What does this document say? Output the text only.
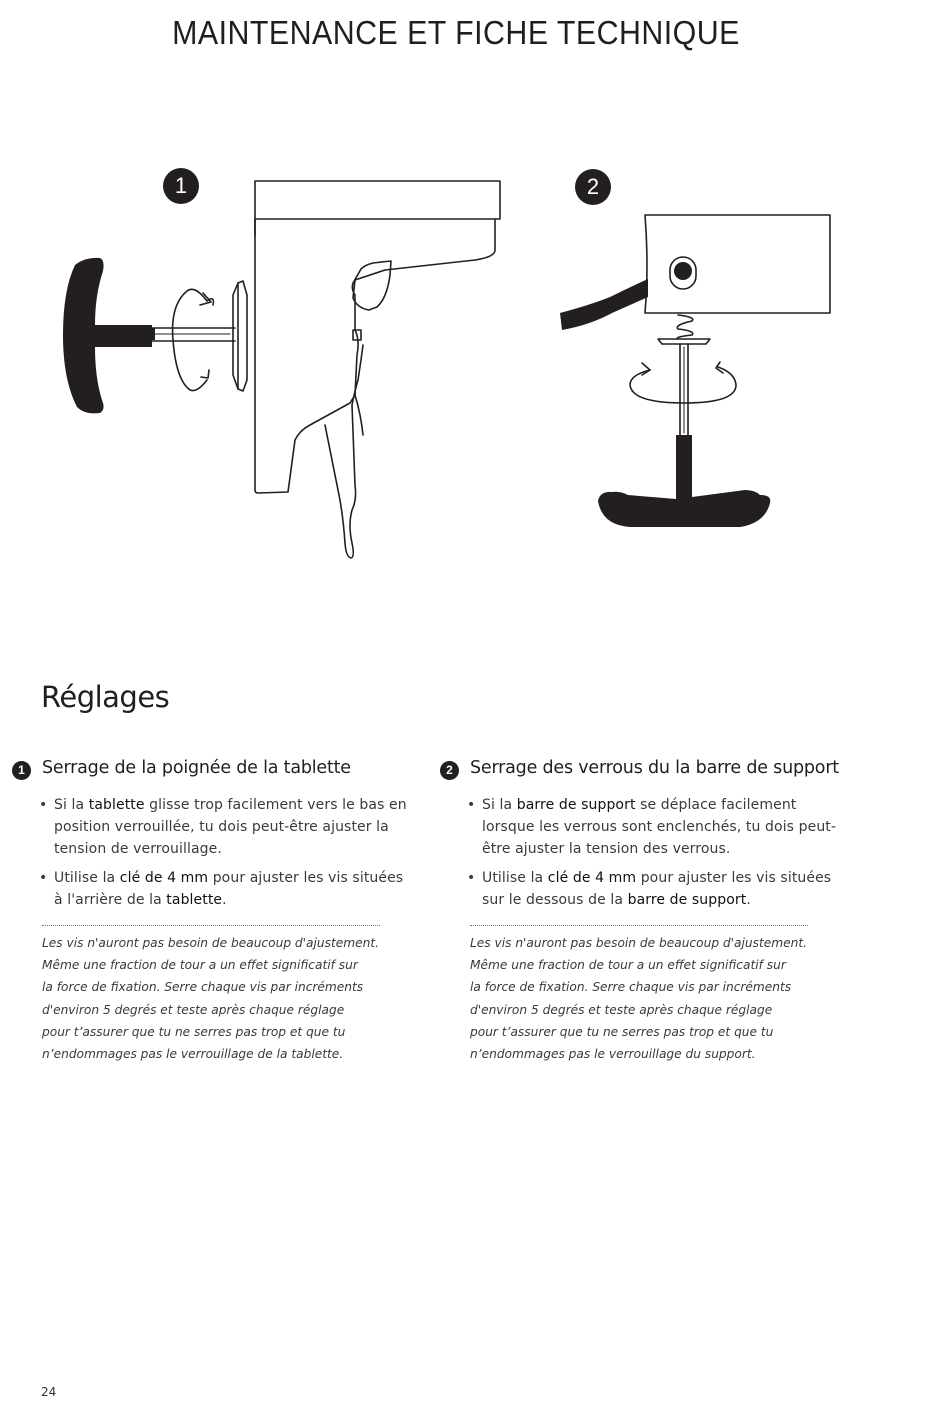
MAINTENANCE ET FICHE TECHNIQUE
1	2
Réglages
1 Serrage de la poignée de la tablette
• Si la tablette glisse trop facilement vers le bas en position verrouillée, tu dois peut-être ajuster la tension de verrouillage.
• Utilise la clé de 4 mm pour ajuster les vis situées à l'arrière de la tablette.
Les vis n'auront pas besoin de beaucoup d'ajustement.
Même une fraction de tour a un effet significatif sur
la force de fixation. Serre chaque vis par incréments
d'environ 5 degrés et teste après chaque réglage
pour t’assurer que tu ne serres pas trop et que tu
n’endommages pas le verrouillage de la tablette.
2 Serrage des verrous du la barre de support
• Si la barre de support se déplace facilement lorsque les verrous sont enclenchés, tu dois peut-être ajuster la tension des verrous.
• Utilise la clé de 4 mm pour ajuster les vis situées sur le dessous de la barre de support.
Les vis n'auront pas besoin de beaucoup d'ajustement.
Même une fraction de tour a un effet significatif sur
la force de fixation. Serre chaque vis par incréments
d'environ 5 degrés et teste après chaque réglage
pour t’assurer que tu ne serres pas trop et que tu
n’endommages pas le verrouillage du support.
24
